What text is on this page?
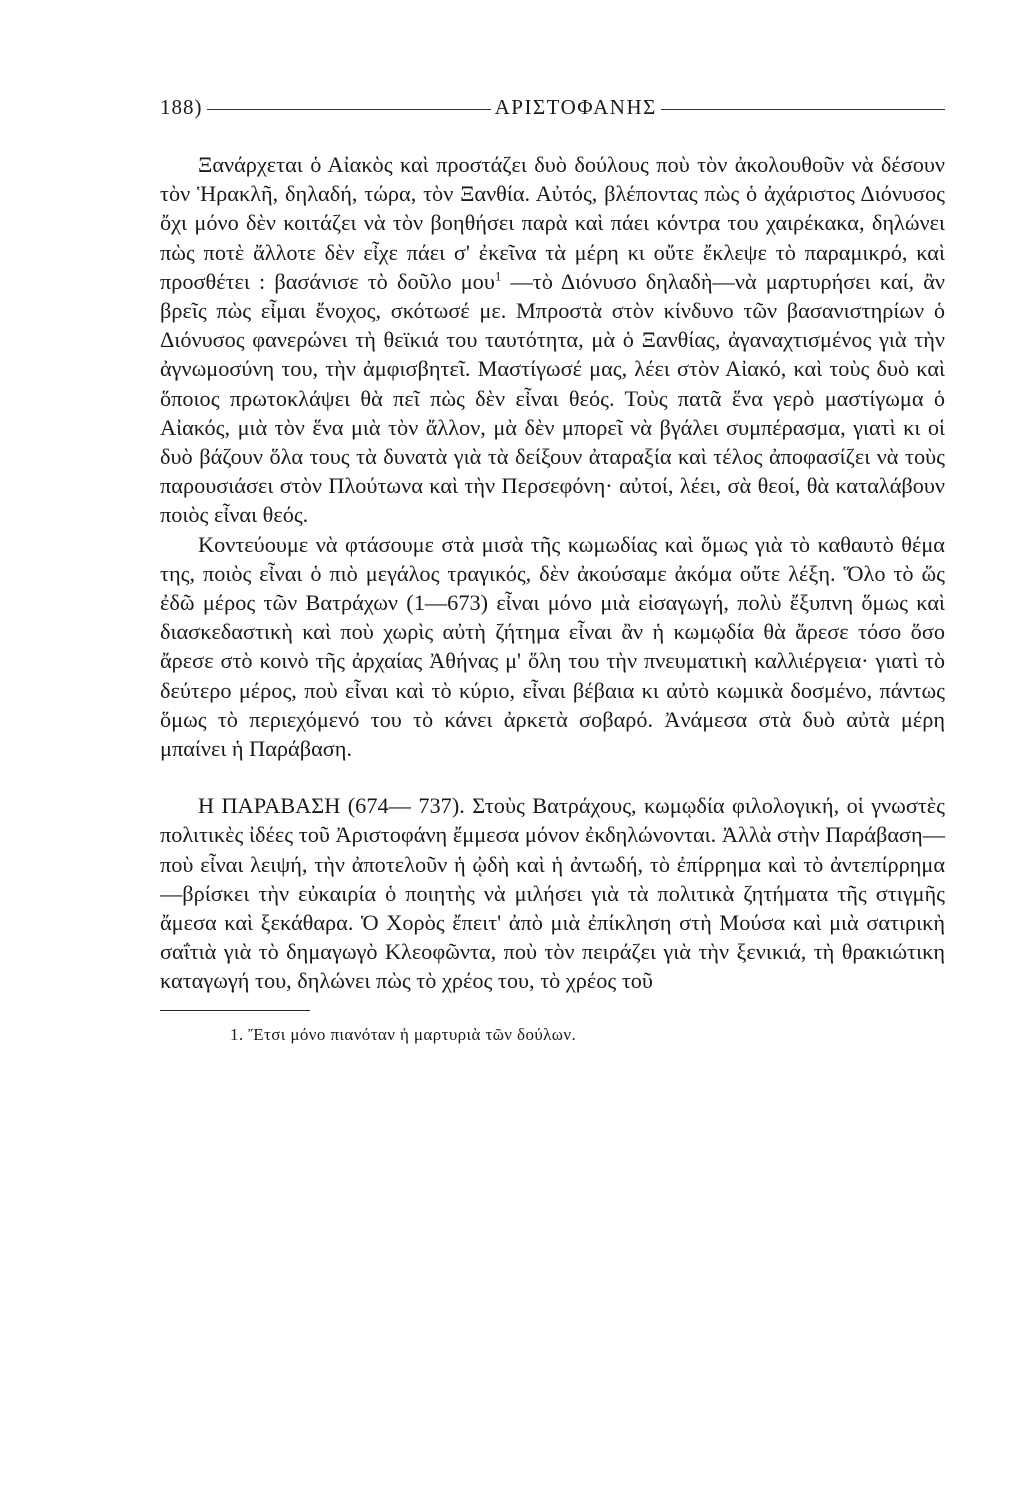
188)	ΑΡΙΣΤΟΦΑΝΗΣ

Ξανάρχεται ὁ Αἰακὸς καὶ προστάζει δυὸ δούλους ποὺ τὸν ἀκολουθοῦν νὰ δέσουν τὸν Ἡρακλῆ, δηλαδή, τώρα, τὸν Ξανθία. Αὐτός, βλέποντας πὼς ὁ ἀχάριστος Διόνυσος ὄχι μόνο δὲν κοιτάζει νὰ τὸν βοηθήσει παρὰ καὶ πάει κόντρα του χαιρέκακα, δηλώνει πὼς ποτὲ ἄλλοτε δὲν εἶχε πάει σ' ἐκεῖνα τὰ μέρη κι οὔτε ἔκλεψε τὸ παραμικρό, καὶ προσθέτει : βασάνισε τὸ δοῦλο μου$^1$ —τὸ Διόνυσο δηλαδὴ—νὰ μαρτυρήσει καί, ἂν βρεῖς πὼς εἶμαι ἔνοχος, σκότωσέ με. Μπροστὰ στὸν κίνδυνο τῶν βασανιστηρίων ὁ Διόνυσος φανερώνει τὴ θεϊκιά του ταυτότητα, μὰ ὁ Ξανθίας, ἀγαναχτισμένος γιὰ τὴν ἀγνωμοσύνη του, τὴν ἀμφισβητεῖ. Μαστίγωσέ μας, λέει στὸν Αἰακό, καὶ τοὺς δυὸ καὶ ὅποιος πρωτοκλάψει θὰ πεῖ πὼς δὲν εἶναι θεός. Τοὺς πατᾶ ἕνα γερὸ μαστίγωμα ὁ Αἰακός, μιὰ τὸν ἕνα μιὰ τὸν ἄλλον, μὰ δὲν μπορεῖ νὰ βγάλει συμπέρασμα, γιατὶ κι οἱ δυὸ βάζουν ὅλα τους τὰ δυνατὰ γιὰ τὰ δείξουν ἀταραξία καὶ τέλος ἀποφασίζει νὰ τοὺς παρουσιάσει στὸν Πλούτωνα καὶ τὴν Περσεφόνη· αὐτοί, λέει, σὰ θεοί, θὰ καταλάβουν ποιὸς εἶναι θεός.

Κοντεύουμε νὰ φτάσουμε στὰ μισὰ τῆς κωμωδίας καὶ ὅμως γιὰ τὸ καθαυτὸ θέμα της, ποιὸς εἶναι ὁ πιὸ μεγάλος τραγικός, δὲν ἀκούσαμε ἀκόμα οὔτε λέξη. Ὅλο τὸ ὥς ἐδῶ μέρος τῶν Βατράχων (1—673) εἶναι μόνο μιὰ εἰσαγωγή, πολὺ ἔξυπνη ὅμως καὶ διασκεδαστικὴ καὶ ποὺ χωρὶς αὐτὴ ζήτημα εἶναι ἂν ἡ κωμῳδία θὰ ἄρεσε τόσο ὅσο ἄρεσε στὸ κοινὸ τῆς ἀρχαίας Ἀθήνας μ' ὅλη του τὴν πνευματικὴ καλλιέργεια· γιατὶ τὸ δεύτερο μέρος, ποὺ εἶναι καὶ τὸ κύριο, εἶναι βέβαια κι αὐτὸ κωμικὰ δοσμένο, πάντως ὅμως τὸ περιεχόμενό του τὸ κάνει ἀρκετὰ σοβαρό. Ἀνάμεσα στὰ δυὸ αὐτὰ μέρη μπαίνει ἡ Παράβαση.

Η ΠΑΡΑΒΑΣΗ (674— 737). Στοὺς Βατράχους, κωμῳδία φιλολογική, οἱ γνωστὲς πολιτικὲς ἰδέες τοῦ Ἀριστοφάνη ἔμμεσα μόνον ἐκδηλώνονται. Ἀλλὰ στὴν Παράβαση—ποὺ εἶναι λειψή, τὴν ἀποτελοῦν ἡ ᾠδὴ καὶ ἡ ἀντωδή, τὸ ἐπίρρημα καὶ τὸ ἀντεπίρρημα—βρίσκει τὴν εὐκαιρία ὁ ποιητὴς νὰ μιλήσει γιὰ τὰ πολιτικὰ ζητήματα τῆς στιγμῆς ἄμεσα καὶ ξεκάθαρα. Ὁ Χορὸς ἔπειτ' ἀπὸ μιὰ ἐπίκληση στὴ Μούσα καὶ μιὰ σατιρικὴ σαΐτιὰ γιὰ τὸ δημαγωγὸ Κλεοφῶντα, ποὺ τὸν πειράζει γιὰ τὴν ξενικιά, τὴ θρακιώτικη καταγωγή του, δηλώνει πὼς τὸ χρέος του, τὸ χρέος τοῦ

1. Ἔτσι μόνο πιανόταν ἡ μαρτυριὰ τῶν δούλων.
